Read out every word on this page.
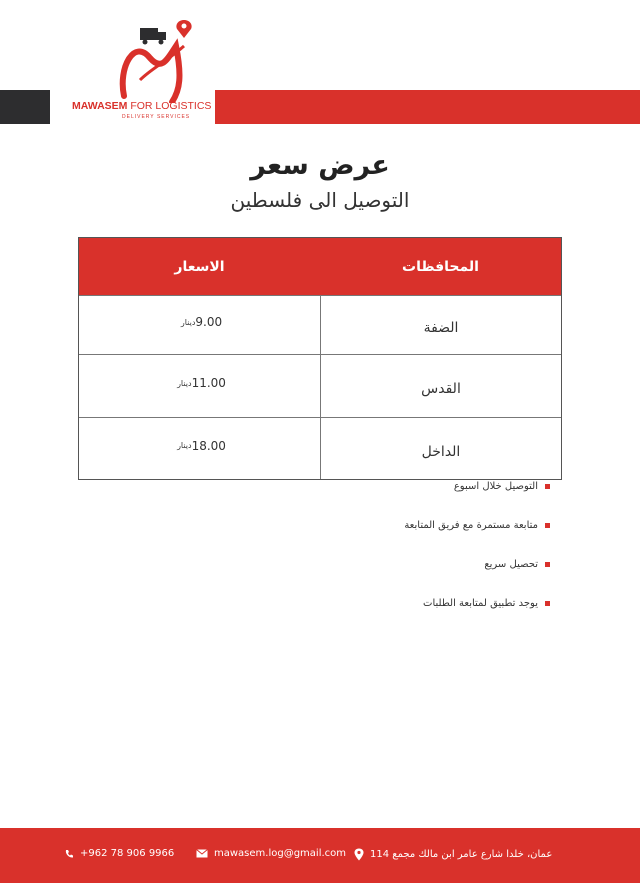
MAWASEM FOR LOGISTICS
DELIVERY SERVICES
عرض سعر
التوصيل الى فلسطين
المحافظات
الاسعار
الضفة
دينار 9.00
القدس
دينار 11.00
الداخل
دينار 18.00
التوصيل خلال اسبوع
متابعة مستمرة مع فريق المتابعة
تحصيل سريع
يوجد تطبيق لمتابعة الطلبات
+962 78 906 9966	mawasem.log@gmail.com عمان، خلدا شارع عامر ابن مالك مجمع 114
